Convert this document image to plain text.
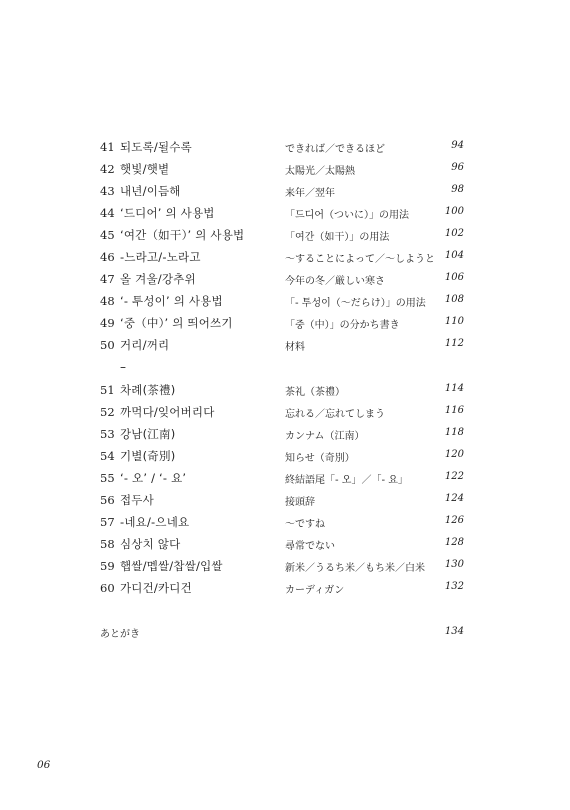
41 되도록/될수록	できれば／できるほど	94
42 햇빛/햇볕	太陽光／太陽熱	96
43 내년/이듬해	来年／翌年	98
44 ‘드디어’ 의 사용법	「드디어（ついに）」の用法	100
45 ‘여간（如干）’ 의 사용법	「여간（如干）」の用法	102
46 -느라고/-노라고	～することによって／～しようと 104
47 올 겨울/강추위	今年の冬／厳しい寒さ	106
48 ‘- 투성이’ 의 사용법	「- 투성이（～だらけ）」の用法	108
49 ‘중（中）’ 의 띄어쓰기	「중（中）」の分かち書き	110
50 거리/꺼리	材料	112
–
51 차례(茶禮)	茶礼（茶禮）	114
52 까먹다/잊어버리다	忘れる／忘れてしまう	116
53 강남(江南)	カンナム（江南）	118
54 기별(奇別)	知らせ（奇別）	120
55 ‘- 오’ / ‘- 요’	終結語尾「- 오」／「- 요」	122
56 접두사	接頭辞	124
57 -네요/-으네요	～ですね	126
58 심상치 않다	尋常でない	128
59 햅쌀/멥쌀/찹쌀/입쌀	新米／うるち米／もち米／白米	130
60 가디건/카디건	カーディガン	132
あとがき	134
06
